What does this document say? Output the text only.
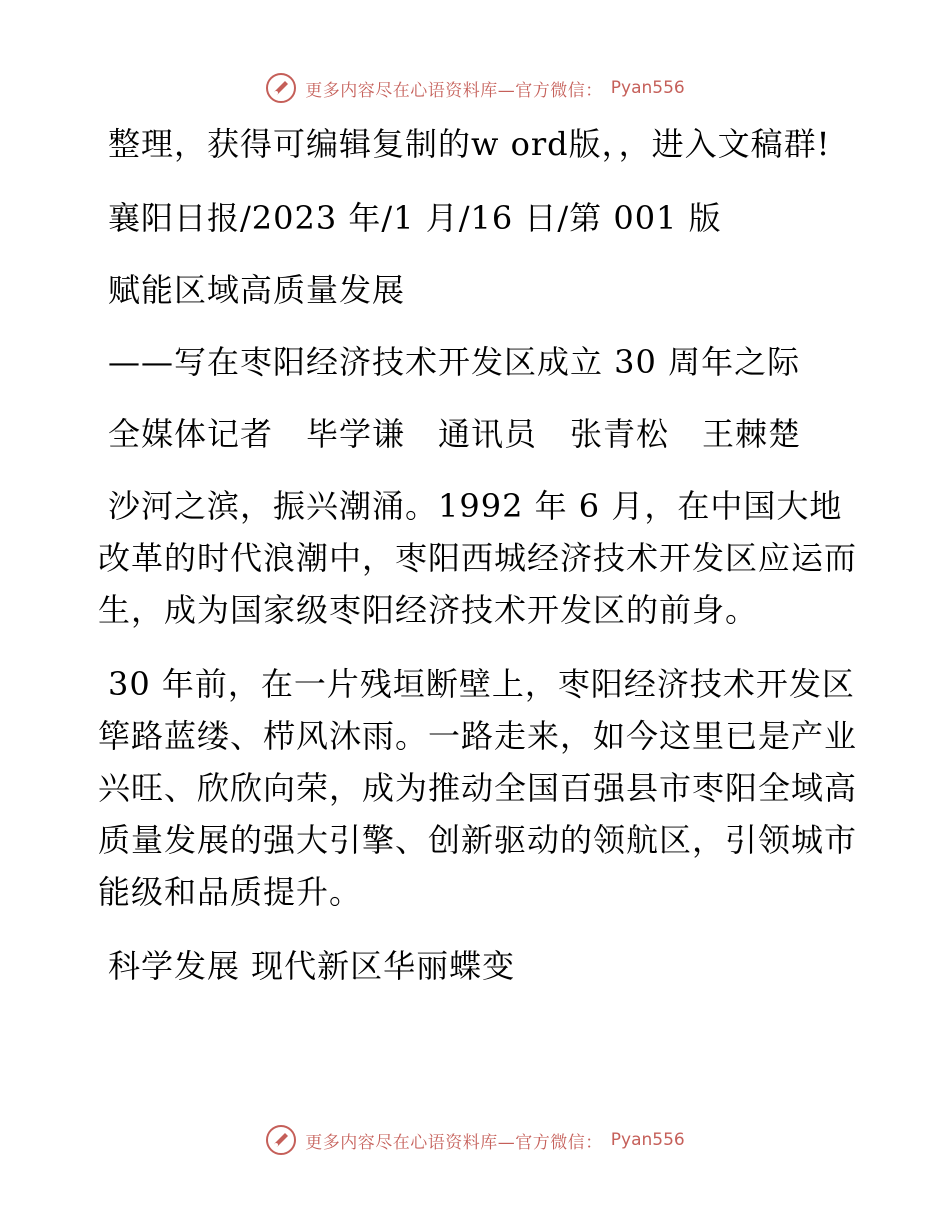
更多内容尽在心语资料库—官方微信： Pyan556

整理，获得可编辑复制的w ord版，，进入文稿群!

襄阳日报/2023 年/1 月/16 日/第 001 版

赋能区域高质量发展

——写在枣阳经济技术开发区成立 30 周年之际

全媒体记者　毕学谦　通讯员　张青松　王棘楚

沙河之滨，振兴潮涌。1992 年 6 月，在中国大地改革的时代浪潮中，枣阳西城经济技术开发区应运而生，成为国家级枣阳经济技术开发区的前身。

30 年前，在一片残垣断壁上，枣阳经济技术开发区筚路蓝缕、栉风沐雨。一路走来，如今这里已是产业兴旺、欣欣向荣，成为推动全国百强县市枣阳全域高质量发展的强大引擎、创新驱动的领航区，引领城市能级和品质提升。

科学发展 现代新区华丽蝶变

更多内容尽在心语资料库—官方微信： Pyan556
